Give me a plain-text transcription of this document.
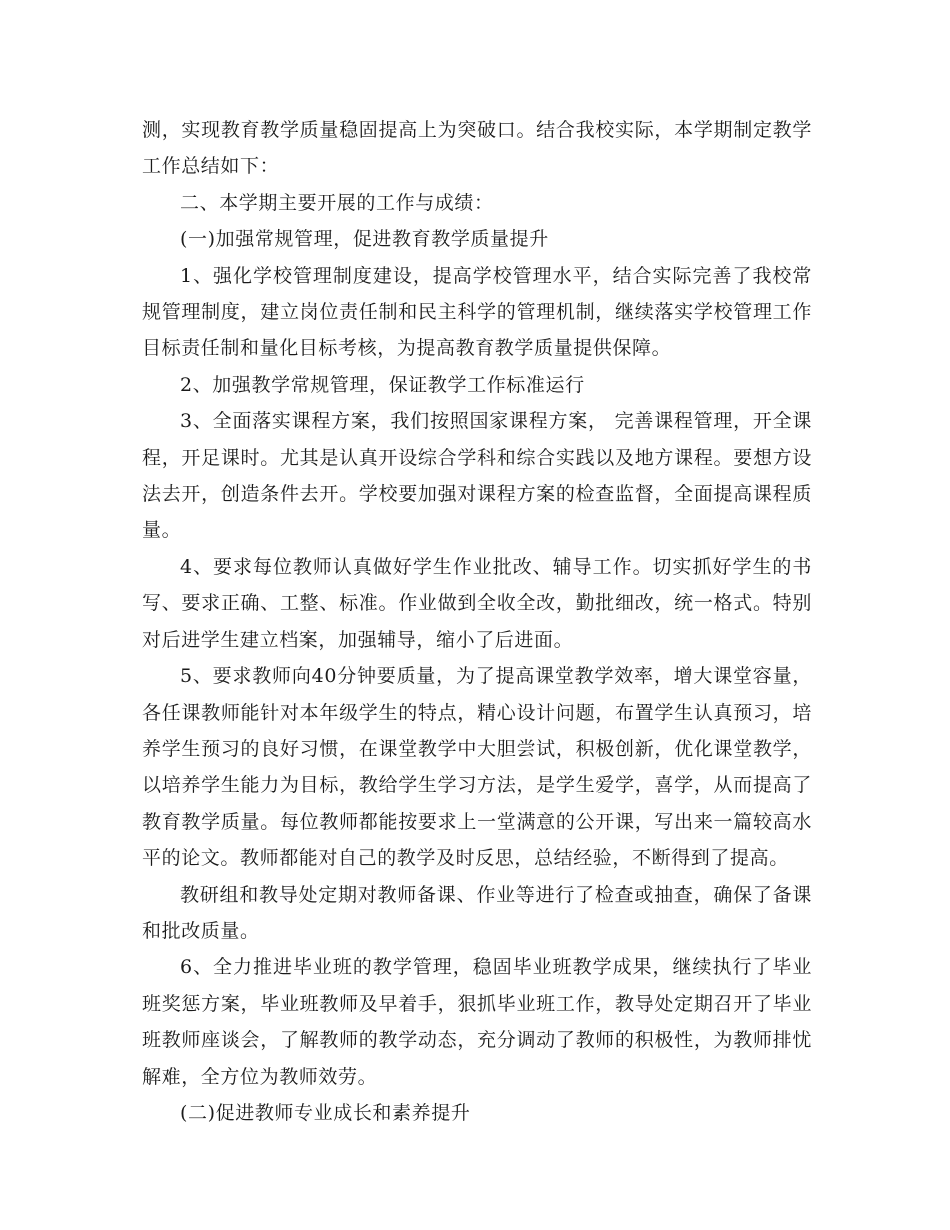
测，实现教育教学质量稳固提高上为突破口。结合我校实际，本学期制定教学工作总结如下：

二、本学期主要开展的工作与成绩：

(一)加强常规管理，促进教育教学质量提升

1、强化学校管理制度建设，提高学校管理水平，结合实际完善了我校常规管理制度，建立岗位责任制和民主科学的管理机制，继续落实学校管理工作目标责任制和量化目标考核，为提高教育教学质量提供保障。

2、加强教学常规管理，保证教学工作标准运行

3、全面落实课程方案，我们按照国家课程方案， 完善课程管理，开全课程，开足课时。尤其是认真开设综合学科和综合实践以及地方课程。要想方设法去开，创造条件去开。学校要加强对课程方案的检查监督，全面提高课程质量。

4、要求每位教师认真做好学生作业批改、辅导工作。切实抓好学生的书写、要求正确、工整、标准。作业做到全收全改，勤批细改，统一格式。特别对后进学生建立档案，加强辅导，缩小了后进面。

5、要求教师向40分钟要质量，为了提高课堂教学效率，增大课堂容量，各任课教师能针对本年级学生的特点，精心设计问题，布置学生认真预习，培养学生预习的良好习惯，在课堂教学中大胆尝试，积极创新，优化课堂教学，以培养学生能力为目标，教给学生学习方法，是学生爱学，喜学，从而提高了教育教学质量。每位教师都能按要求上一堂满意的公开课，写出来一篇较高水平的论文。教师都能对自己的教学及时反思，总结经验，不断得到了提高。

教研组和教导处定期对教师备课、作业等进行了检查或抽查，确保了备课和批改质量。

6、全力推进毕业班的教学管理，稳固毕业班教学成果，继续执行了毕业班奖惩方案，毕业班教师及早着手，狠抓毕业班工作，教导处定期召开了毕业班教师座谈会，了解教师的教学动态，充分调动了教师的积极性，为教师排忧解难，全方位为教师效劳。

(二)促进教师专业成长和素养提升
